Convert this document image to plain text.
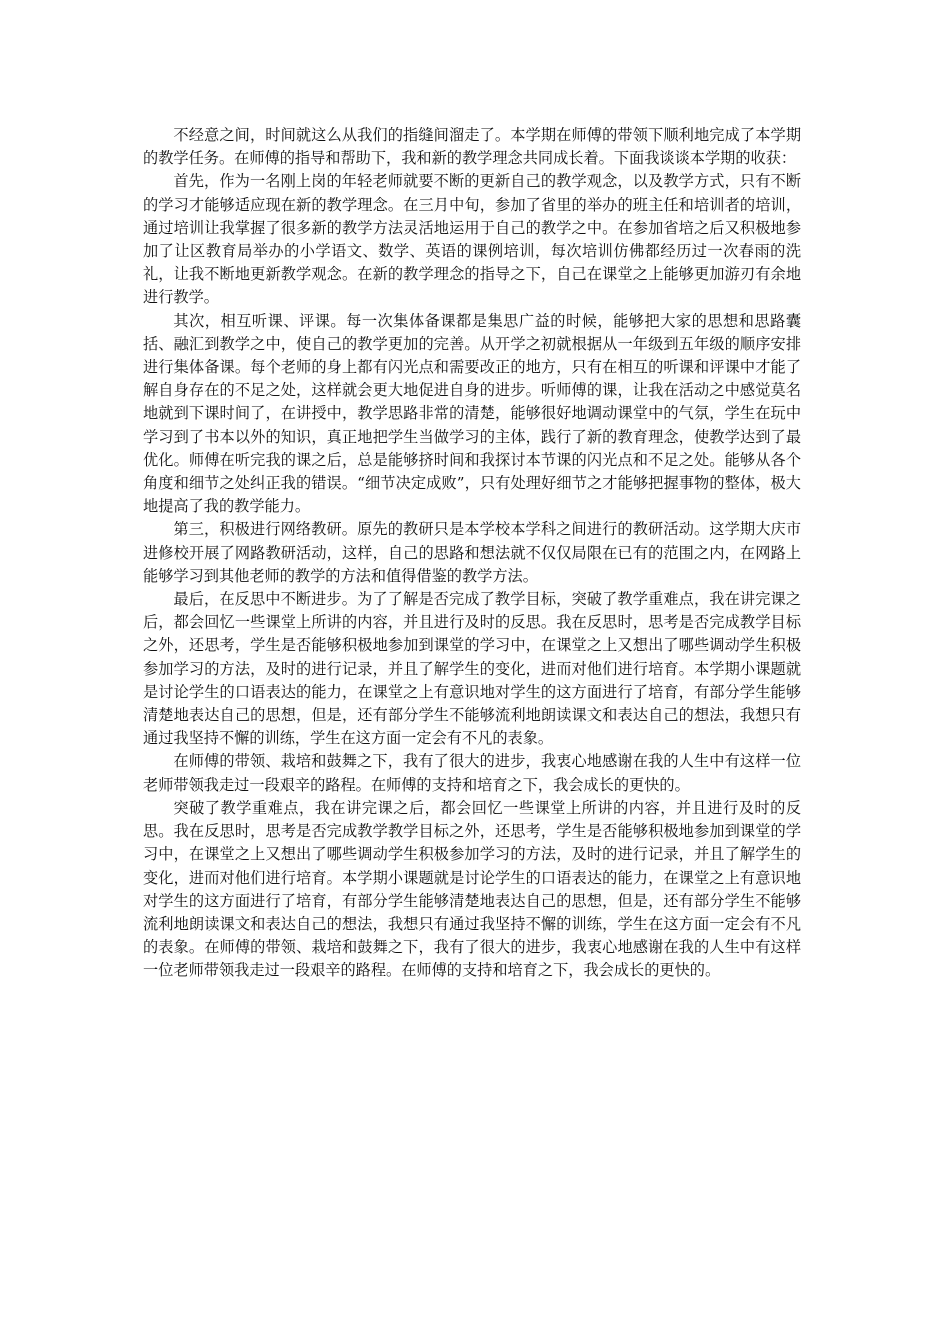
不经意之间，时间就这么从我们的指缝间溜走了。本学期在师傅的带领下顺利地完成了本学期的教学任务。在师傅的指导和帮助下，我和新的教学理念共同成长着。下面我谈谈本学期的收获：

首先，作为一名刚上岗的年轻老师就要不断的更新自己的教学观念，以及教学方式，只有不断的学习才能够适应现在新的教学理念。在三月中旬，参加了省里的举办的班主任和培训者的培训，通过培训让我掌握了很多新的教学方法灵活地运用于自己的教学之中。在参加省培之后又积极地参加了让区教育局举办的小学语文、数学、英语的课例培训，每次培训仿佛都经历过一次春雨的洗礼，让我不断地更新教学观念。在新的教学理念的指导之下，自己在课堂之上能够更加游刃有余地进行教学。

其次，相互听课、评课。每一次集体备课都是集思广益的时候，能够把大家的思想和思路囊括、融汇到教学之中，使自己的教学更加的完善。从开学之初就根据从一年级到五年级的顺序安排进行集体备课。每个老师的身上都有闪光点和需要改正的地方，只有在相互的听课和评课中才能了解自身存在的不足之处，这样就会更大地促进自身的进步。听师傅的课，让我在活动之中感觉莫名地就到下课时间了，在讲授中，教学思路非常的清楚，能够很好地调动课堂中的气氛，学生在玩中学习到了书本以外的知识，真正地把学生当做学习的主体，践行了新的教育理念，使教学达到了最优化。师傅在听完我的课之后，总是能够挤时间和我探讨本节课的闪光点和不足之处。能够从各个角度和细节之处纠正我的错误。“细节决定成败”，只有处理好细节之才能够把握事物的整体，极大地提高了我的教学能力。

第三，积极进行网络教研。原先的教研只是本学校本学科之间进行的教研活动。这学期大庆市进修校开展了网路教研活动，这样，自己的思路和想法就不仅仅局限在已有的范围之内，在网路上能够学习到其他老师的教学的方法和值得借鉴的教学方法。

最后，在反思中不断进步。为了了解是否完成了教学目标，突破了教学重难点，我在讲完课之后，都会回忆一些课堂上所讲的内容，并且进行及时的反思。我在反思时，思考是否完成教学目标之外，还思考，学生是否能够积极地参加到课堂的学习中，在课堂之上又想出了哪些调动学生积极参加学习的方法，及时的进行记录，并且了解学生的变化，进而对他们进行培育。本学期小课题就是讨论学生的口语表达的能力，在课堂之上有意识地对学生的这方面进行了培育，有部分学生能够清楚地表达自己的思想，但是，还有部分学生不能够流利地朗读课文和表达自己的想法，我想只有通过我坚持不懈的训练，学生在这方面一定会有不凡的表象。

在师傅的带领、栽培和鼓舞之下，我有了很大的进步，我衷心地感谢在我的人生中有这样一位老师带领我走过一段艰辛的路程。在师傅的支持和培育之下，我会成长的更快的。

突破了教学重难点，我在讲完课之后，都会回忆一些课堂上所讲的内容，并且进行及时的反思。我在反思时，思考是否完成教学教学目标之外，还思考，学生是否能够积极地参加到课堂的学习中，在课堂之上又想出了哪些调动学生积极参加学习的方法，及时的进行记录，并且了解学生的变化，进而对他们进行培育。本学期小课题就是讨论学生的口语表达的能力，在课堂之上有意识地对学生的这方面进行了培育，有部分学生能够清楚地表达自己的思想，但是，还有部分学生不能够流利地朗读课文和表达自己的想法，我想只有通过我坚持不懈的训练，学生在这方面一定会有不凡的表象。在师傅的带领、栽培和鼓舞之下，我有了很大的进步，我衷心地感谢在我的人生中有这样一位老师带领我走过一段艰辛的路程。在师傅的支持和培育之下，我会成长的更快的。
